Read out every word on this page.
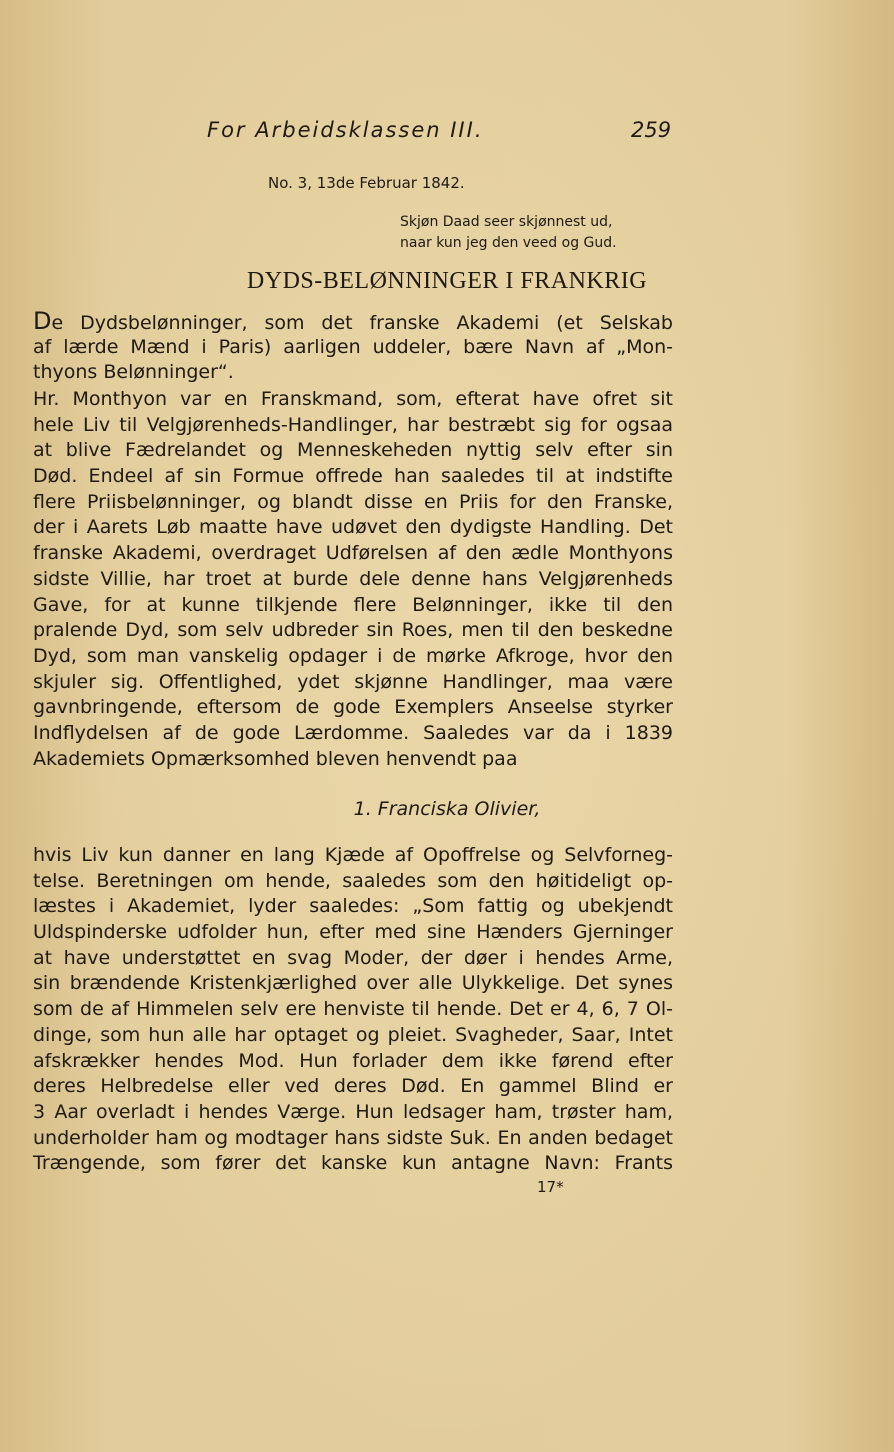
For Arbeidsklassen III.	259
No. 3, 13de Februar 1842.
Skjøn Daad seer skjønnest ud,
naar kun jeg den veed og Gud.
DYDS-BELØNNINGER I FRANKRIG
De Dydsbelønninger, som det franske Akademi (et Selskab
af lærde Mænd i Paris) aarligen uddeler, bære Navn af „Mon-
thyons Belønninger“.
Hr. Monthyon var en Franskmand, som, efterat have ofret sit
hele Liv til Velgjørenheds-Handlinger, har bestræbt sig for ogsaa
at blive Fædrelandet og Menneskeheden nyttig selv efter sin
Død. Endeel af sin Formue offrede han saaledes til at indstifte
flere Priisbelønninger, og blandt disse en Priis for den Franske,
der i Aarets Løb maatte have udøvet den dydigste Handling. Det
franske Akademi, overdraget Udførelsen af den ædle Monthyons
sidste Villie, har troet at burde dele denne hans Velgjørenheds
Gave, for at kunne tilkjende flere Belønninger, ikke til den
pralende Dyd, som selv udbreder sin Roes, men til den beskedne
Dyd, som man vanskelig opdager i de mørke Afkroge, hvor den
skjuler sig. Offentlighed, ydet skjønne Handlinger, maa være
gavnbringende, eftersom de gode Exemplers Anseelse styrker
Indflydelsen af de gode Lærdomme. Saaledes var da i 1839
Akademiets Opmærksomhed bleven henvendt paa
1. Franciska Olivier,
hvis Liv kun danner en lang Kjæde af Opoffrelse og Selvforneg-
telse. Beretningen om hende, saaledes som den høitideligt op-
læstes i Akademiet, lyder saaledes: „Som fattig og ubekjendt
Uldspinderske udfolder hun, efter med sine Hænders Gjerninger
at have understøttet en svag Moder, der døer i hendes Arme,
sin brændende Kristenkjærlighed over alle Ulykkelige. Det synes
som de af Himmelen selv ere henviste til hende. Det er 4, 6, 7 Ol-
dinge, som hun alle har optaget og pleiet. Svagheder, Saar, Intet
afskrækker hendes Mod. Hun forlader dem ikke førend efter
deres Helbredelse eller ved deres Død. En gammel Blind er
3 Aar overladt i hendes Værge. Hun ledsager ham, trøster ham,
underholder ham og modtager hans sidste Suk. En anden bedaget
Trængende, som fører det kanske kun antagne Navn: Frants
17*
